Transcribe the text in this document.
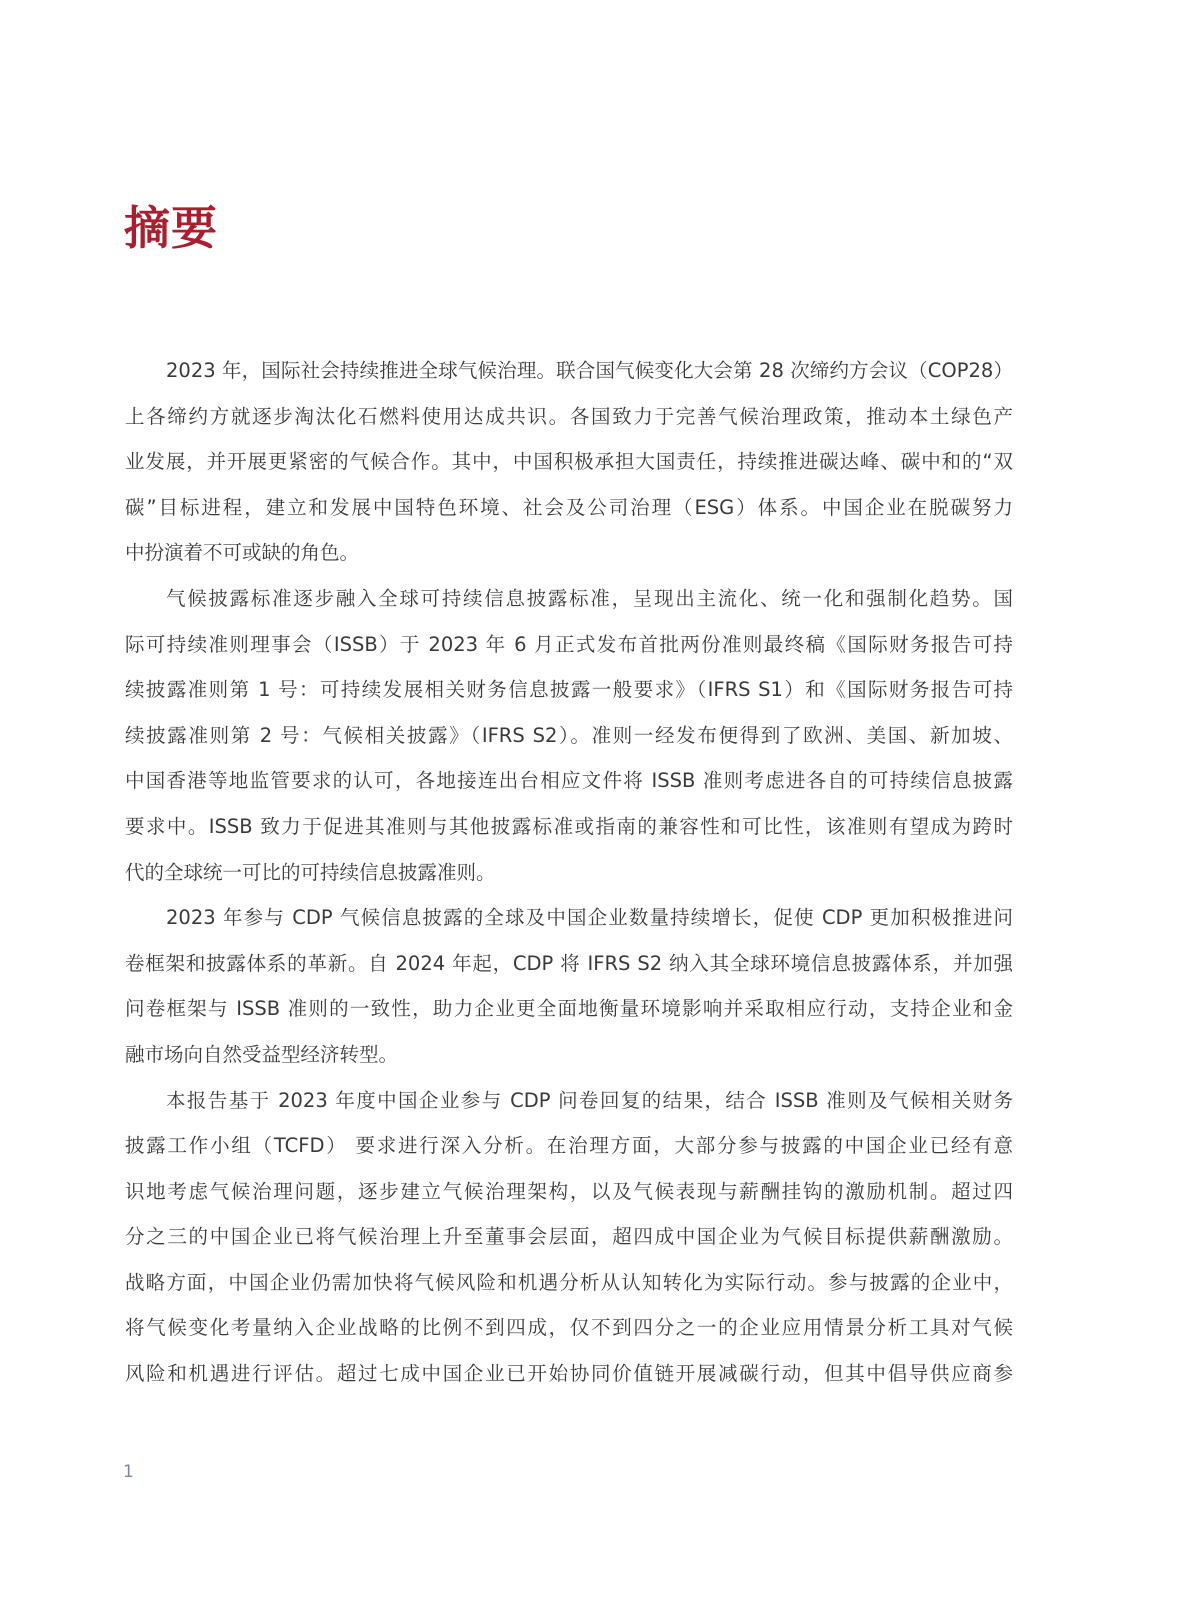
摘要
2023 年，国际社会持续推进全球气候治理。联合国气候变化大会第 28 次缔约方会议（COP28）
上各缔约方就逐步淘汰化石燃料使用达成共识。各国致力于完善气候治理政策，推动本土绿色产
业发展，并开展更紧密的气候合作。其中，中国积极承担大国责任，持续推进碳达峰、碳中和的“双
碳”目标进程，建立和发展中国特色环境、社会及公司治理（ESG）体系。中国企业在脱碳努力
中扮演着不可或缺的角色。
气候披露标准逐步融入全球可持续信息披露标准，呈现出主流化、统一化和强制化趋势。国
际可持续准则理事会（ISSB）于 2023 年 6 月正式发布首批两份准则最终稿《国际财务报告可持
续披露准则第 1 号：可持续发展相关财务信息披露一般要求》（IFRS S1）和《国际财务报告可持
续披露准则第 2 号：气候相关披露》（IFRS S2）。准则一经发布便得到了欧洲、美国、新加坡、
中国香港等地监管要求的认可，各地接连出台相应文件将 ISSB 准则考虑进各自的可持续信息披露
要求中。ISSB 致力于促进其准则与其他披露标准或指南的兼容性和可比性，该准则有望成为跨时
代的全球统一可比的可持续信息披露准则。
2023 年参与 CDP 气候信息披露的全球及中国企业数量持续增长，促使 CDP 更加积极推进问
卷框架和披露体系的革新。自 2024 年起，CDP 将 IFRS S2 纳入其全球环境信息披露体系，并加强
问卷框架与 ISSB 准则的一致性，助力企业更全面地衡量环境影响并采取相应行动，支持企业和金
融市场向自然受益型经济转型。
本报告基于 2023 年度中国企业参与 CDP 问卷回复的结果，结合 ISSB 准则及气候相关财务
披露工作小组（TCFD） 要求进行深入分析。在治理方面，大部分参与披露的中国企业已经有意
识地考虑气候治理问题，逐步建立气候治理架构，以及气候表现与薪酬挂钩的激励机制。超过四
分之三的中国企业已将气候治理上升至董事会层面，超四成中国企业为气候目标提供薪酬激励。
战略方面，中国企业仍需加快将气候风险和机遇分析从认知转化为实际行动。参与披露的企业中，
将气候变化考量纳入企业战略的比例不到四成，仅不到四分之一的企业应用情景分析工具对气候
风险和机遇进行评估。超过七成中国企业已开始协同价值链开展减碳行动，但其中倡导供应商参
1
